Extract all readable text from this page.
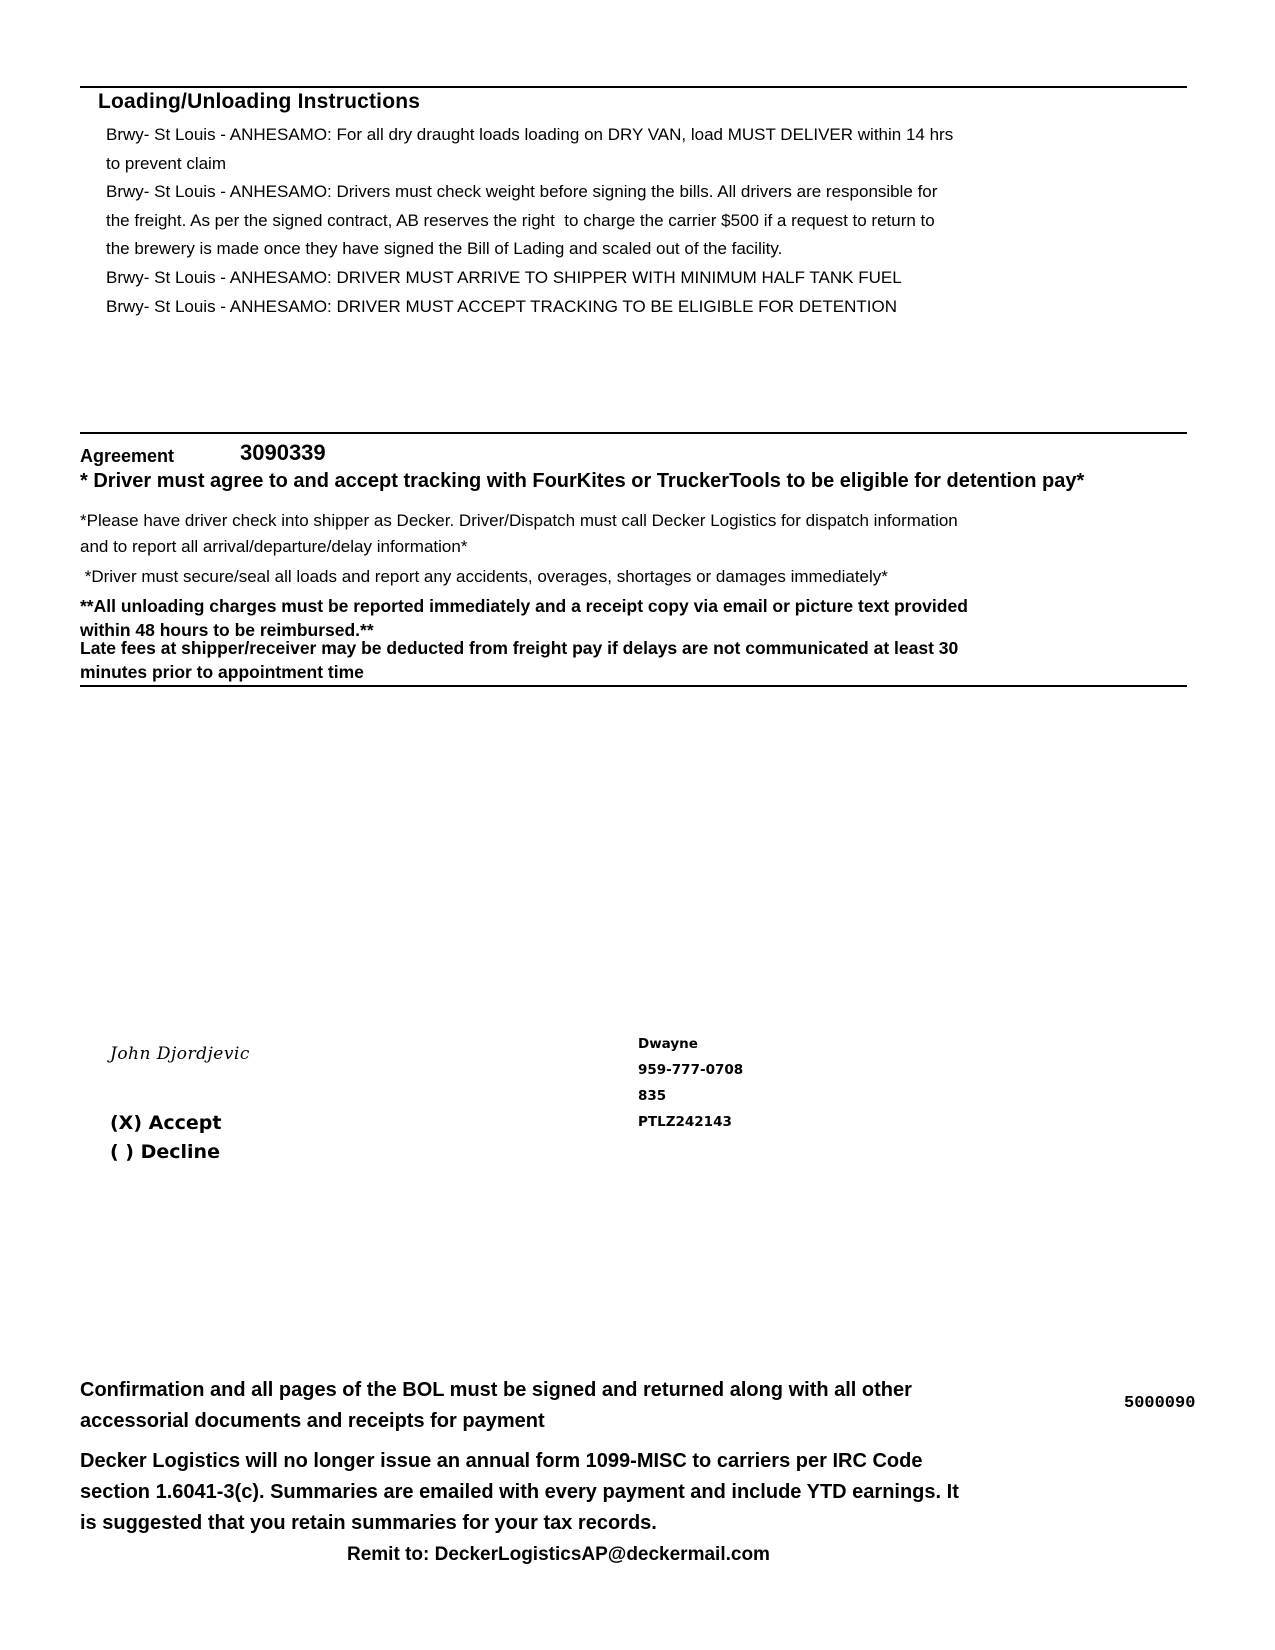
Loading/Unloading Instructions
Brwy- St Louis - ANHESAMO: For all dry draught loads loading on DRY VAN, load MUST DELIVER within 14 hrs
to prevent claim
Brwy- St Louis - ANHESAMO: Drivers must check weight before signing the bills. All drivers are responsible for
the freight. As per the signed contract, AB reserves the right  to charge the carrier $500 if a request to return to
the brewery is made once they have signed the Bill of Lading and scaled out of the facility.
Brwy- St Louis - ANHESAMO: DRIVER MUST ARRIVE TO SHIPPER WITH MINIMUM HALF TANK FUEL
Brwy- St Louis - ANHESAMO: DRIVER MUST ACCEPT TRACKING TO BE ELIGIBLE FOR DETENTION
Agreement	3090339
* Driver must agree to and accept tracking with FourKites or TruckerTools to be eligible for detention pay*
*Please have driver check into shipper as Decker. Driver/Dispatch must call Decker Logistics for dispatch information and to report all arrival/departure/delay information*
*Driver must secure/seal all loads and report any accidents, overages, shortages or damages immediately*
**All unloading charges must be reported immediately and a receipt copy via email or picture text provided within 48 hours to be reimbursed.**
Late fees at shipper/receiver may be deducted from freight pay if delays are not communicated at least 30 minutes prior to appointment time
John Djordjevic
(X) Accept
( ) Decline
Dwayne
959-777-0708
835
PTLZ242143
Confirmation and all pages of the BOL must be signed and returned along with all other accessorial documents and receipts for payment
5000090
Decker Logistics will no longer issue an annual form 1099-MISC to carriers per IRC Code section 1.6041-3(c). Summaries are emailed with every payment and include YTD earnings. It is suggested that you retain summaries for your tax records.
Remit to: DeckerLogisticsAP@deckermail.com
